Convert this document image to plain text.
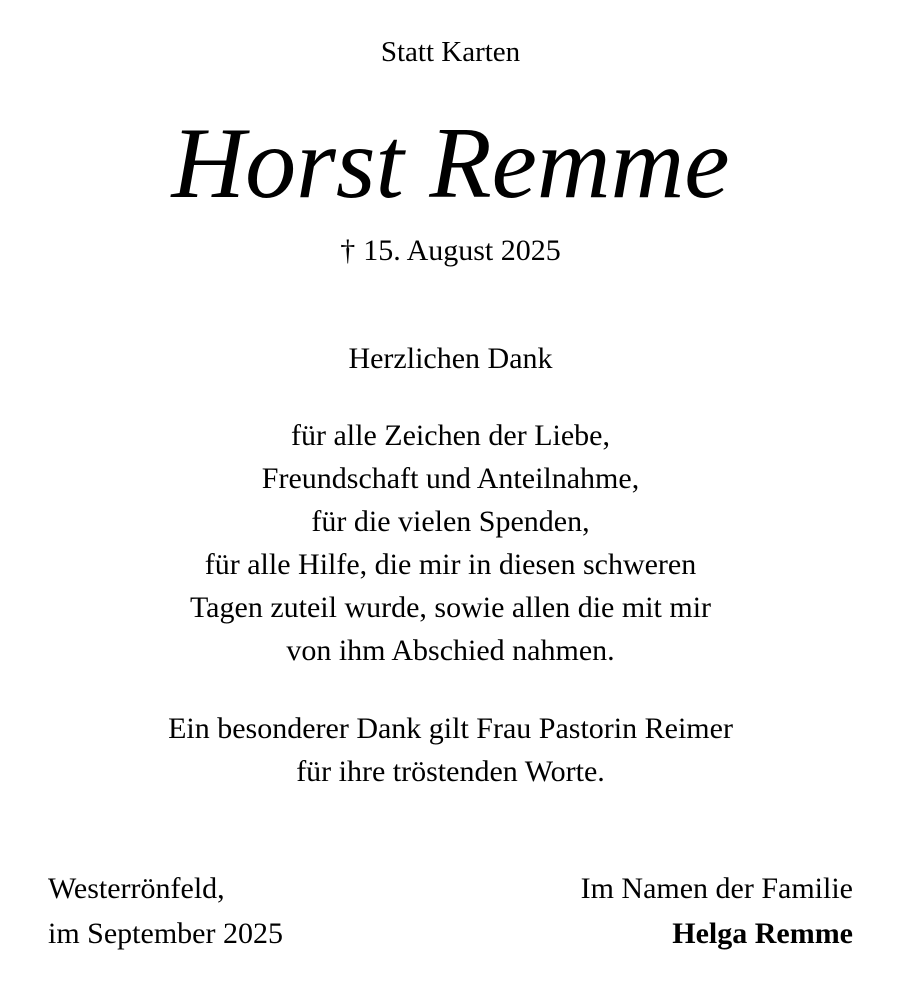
Statt Karten
Horst Remme
† 15. August 2025
Herzlichen Dank
für alle Zeichen der Liebe,
Freundschaft und Anteilnahme,
für die vielen Spenden,
für alle Hilfe, die mir in diesen schweren
Tagen zuteil wurde, sowie allen die mit mir
von ihm Abschied nahmen.
Ein besonderer Dank gilt Frau Pastorin Reimer
für ihre tröstenden Worte.
Westerrönfeld,
im September 2025
Im Namen der Familie
Helga Remme
